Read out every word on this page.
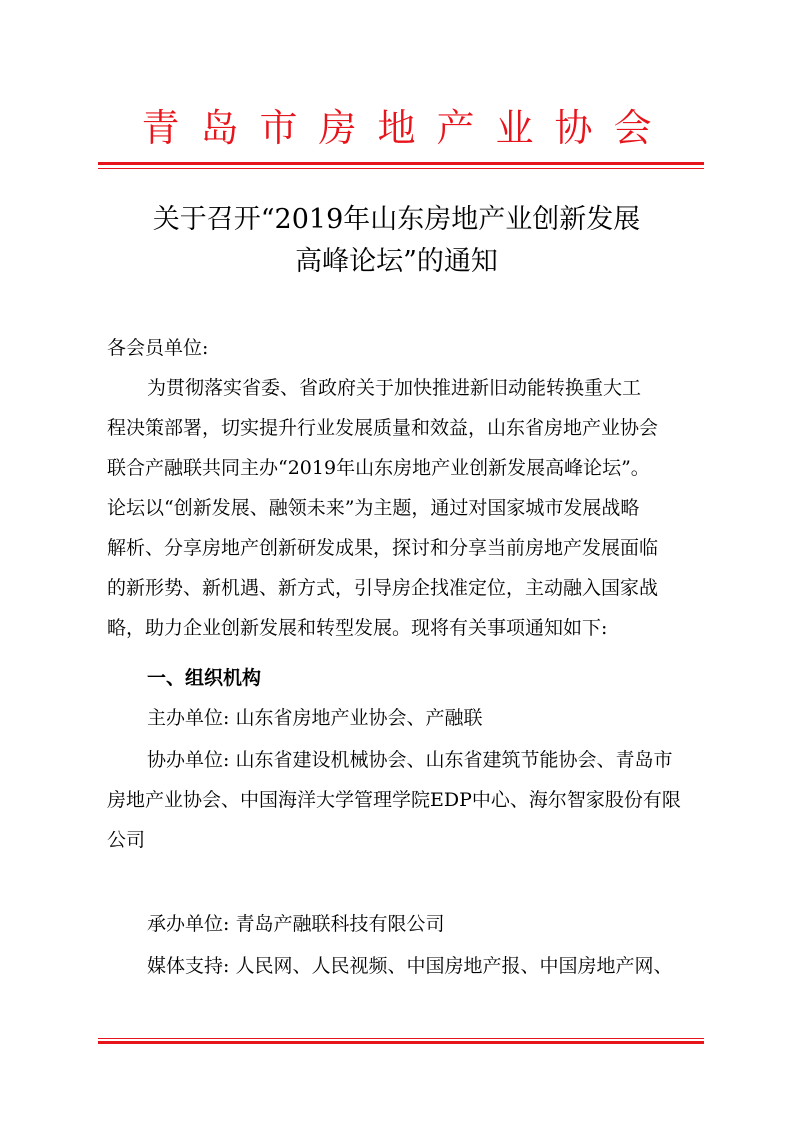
青岛市房地产业协会
关于召开“2019年山东房地产业创新发展
高峰论坛”的通知
各会员单位:
为贯彻落实省委、省政府关于加快推进新旧动能转换重大工
程决策部署，切实提升行业发展质量和效益，山东省房地产业协会
联合产融联共同主办“2019年山东房地产业创新发展高峰论坛”。
论坛以“创新发展、融领未来”为主题，通过对国家城市发展战略
解析、分享房地产创新研发成果，探讨和分享当前房地产发展面临
的新形势、新机遇、新方式，引导房企找准定位，主动融入国家战
略，助力企业创新发展和转型发展。现将有关事项通知如下:
一、组织机构
主办单位: 山东省房地产业协会、产融联
协办单位: 山东省建设机械协会、山东省建筑节能协会、青岛市
房地产业协会、中国海洋大学管理学院EDP中心、海尔智家股份有限
公司
承办单位: 青岛产融联科技有限公司
媒体支持: 人民网、人民视频、中国房地产报、中国房地产网、
